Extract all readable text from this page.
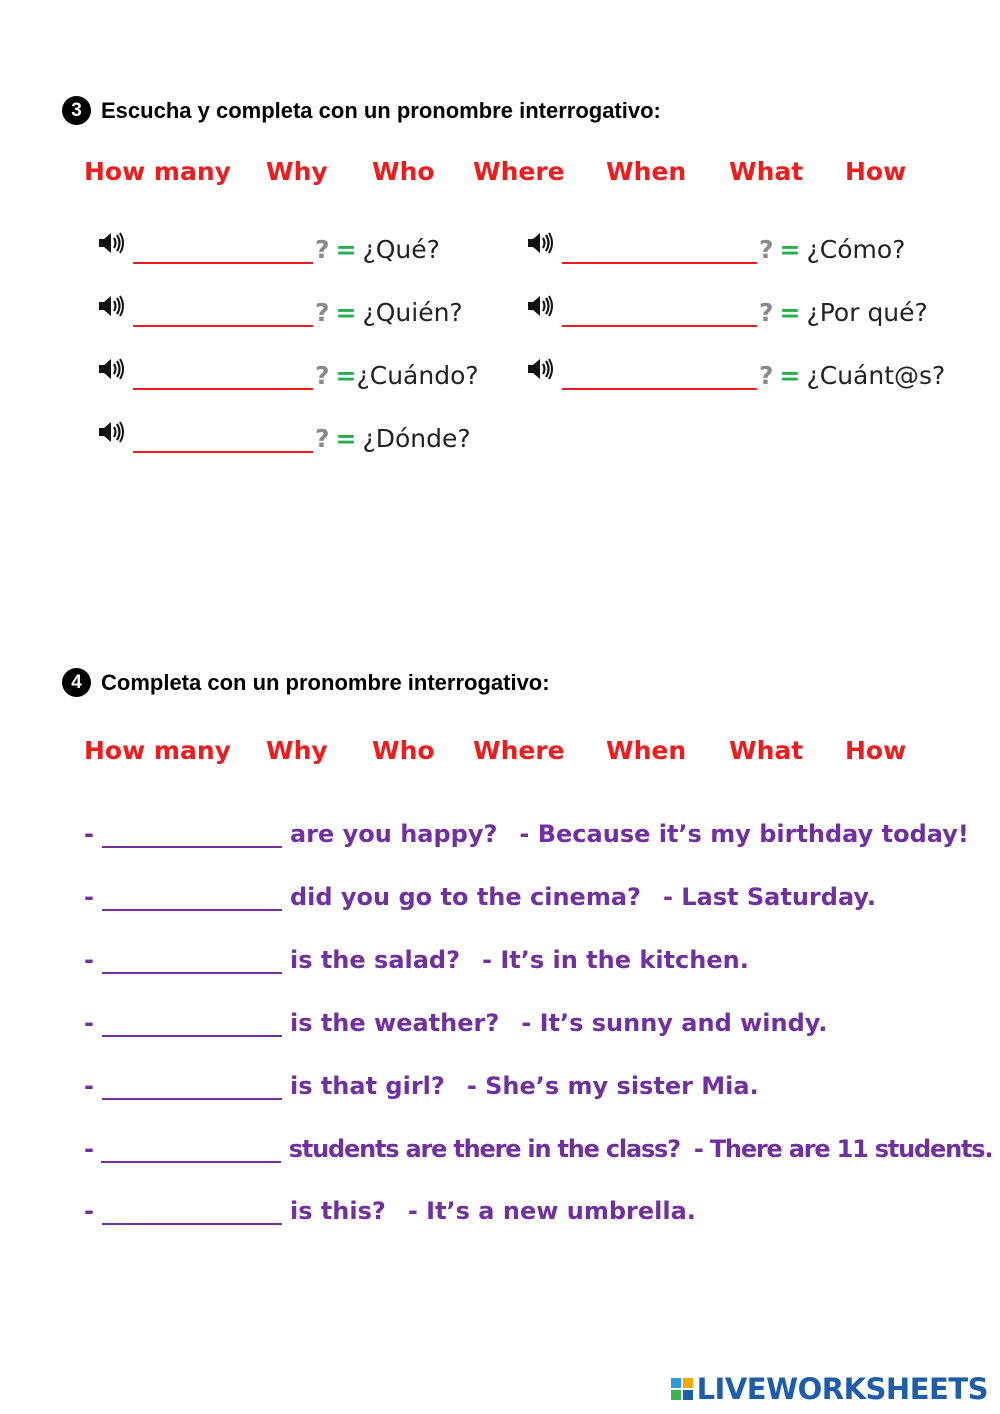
3 Escucha y completa con un pronombre interrogativo:
How many Why Who Where When What How
? = ¿Qué?
? = ¿Quién?
? = ¿Cuándo?
? = ¿Dónde?
? = ¿Cómo?
? = ¿Por qué?
? = ¿Cuánt@s?
4 Completa con un pronombre interrogativo:
How many Why Who Where When What How
-	are you happy? - Because it’s my birthday today!
-	did you go to the cinema? - Last Saturday.
-	is the salad? - It’s in the kitchen.
-	is the weather? - It’s sunny and windy.
-	is that girl? - She’s my sister Mia.
-	students are there in the class? - There are 11 students.
-	is this? - It’s a new umbrella.
LIVEWORKSHEETS
